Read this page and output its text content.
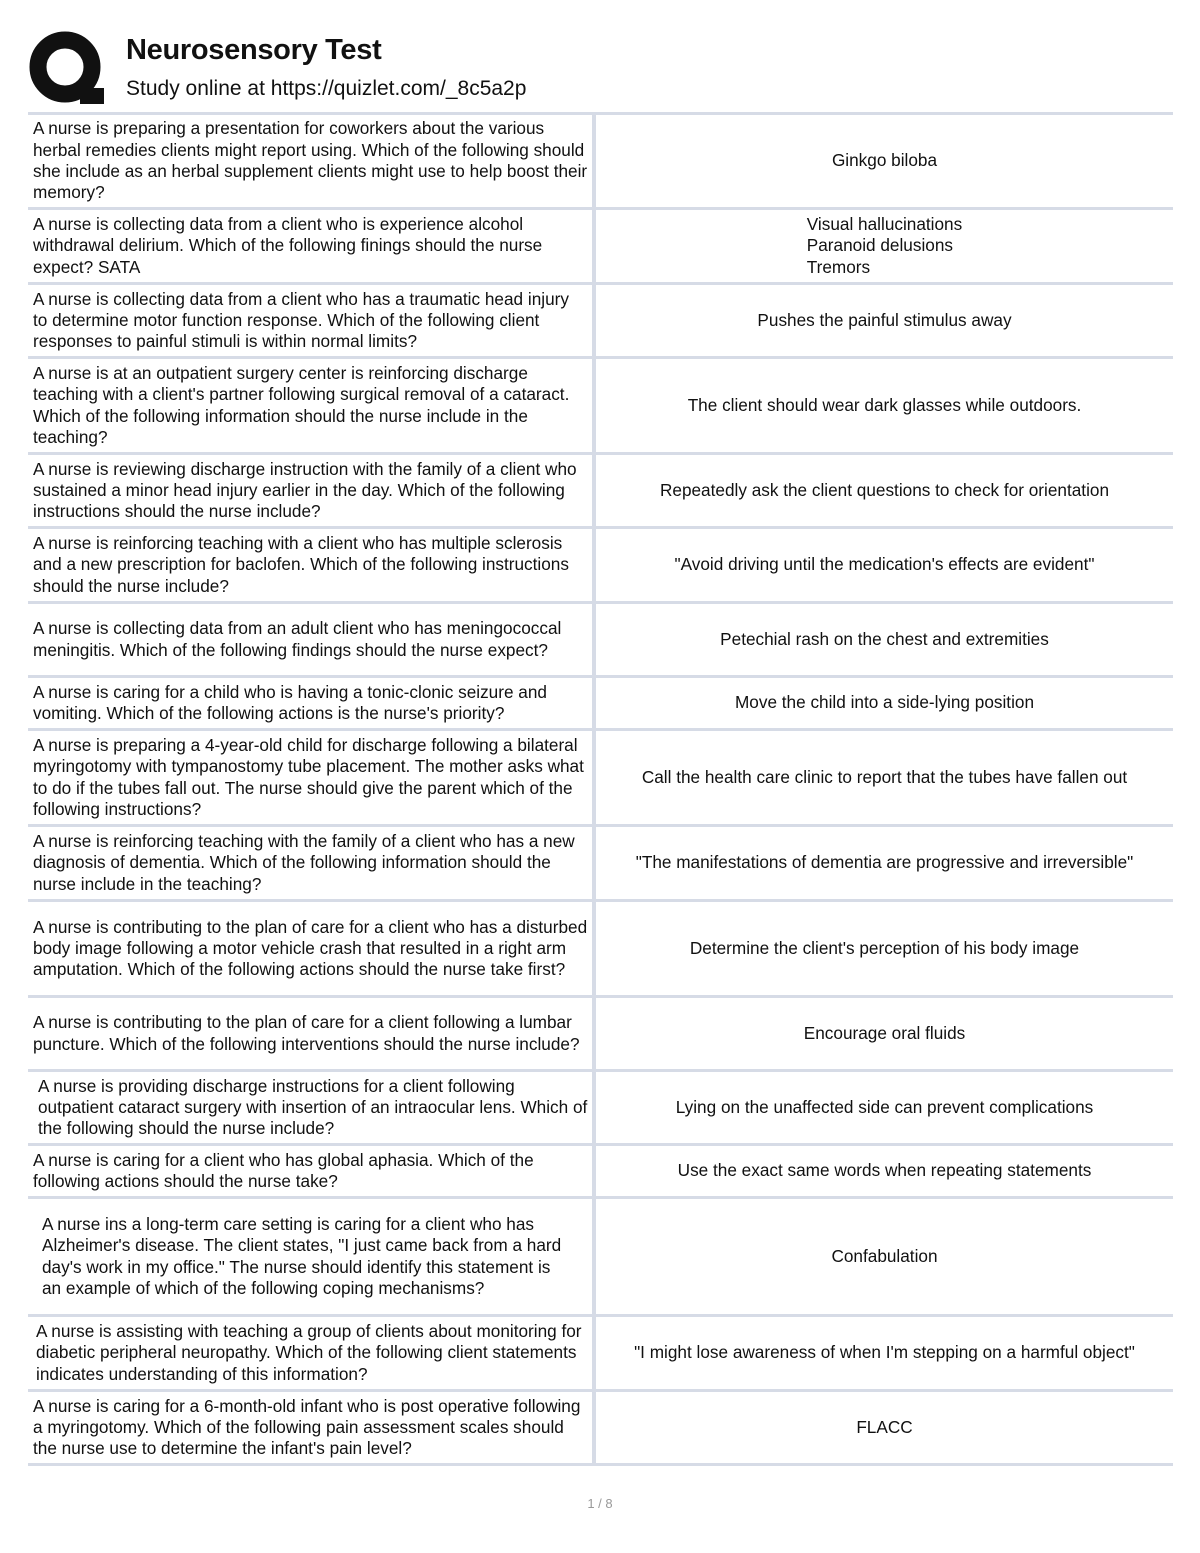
Neurosensory Test
Study online at https://quizlet.com/_8c5a2p
A nurse is preparing a presentation for coworkers about the various herbal remedies clients might report using. Which of the following should she include as an herbal supplement clients might use to help boost their memory?
Ginkgo biloba
A nurse is collecting data from a client who is experience alcohol withdrawal delirium. Which of the following finings should the nurse expect? SATA
Visual hallucinations
Paranoid delusions
Tremors
A nurse is collecting data from a client who has a traumatic head injury to determine motor function response. Which of the following client responses to painful stimuli is within normal limits?
Pushes the painful stimulus away
A nurse is at an outpatient surgery center is reinforcing discharge teaching with a client's partner following surgical removal of a cataract. Which of the following information should the nurse include in the teaching?
The client should wear dark glasses while outdoors.
A nurse is reviewing discharge instruction with the family of a client who sustained a minor head injury earlier in the day. Which of the following instructions should the nurse include?
Repeatedly ask the client questions to check for orientation
A nurse is reinforcing teaching with a client who has multiple sclerosis and a new prescription for baclofen. Which of the following instructions should the nurse include?
"Avoid driving until the medication's effects are evident"
A nurse is collecting data from an adult client who has meningococcal meningitis. Which of the following findings should the nurse expect?
Petechial rash on the chest and extremities
A nurse is caring for a child who is having a tonic-clonic seizure and vomiting. Which of the following actions is the nurse's priority?
Move the child into a side-lying position
A nurse is preparing a 4-year-old child for discharge following a bilateral myringotomy with tympanostomy tube placement. The mother asks what to do if the tubes fall out. The nurse should give the parent which of the following instructions?
Call the health care clinic to report that the tubes have fallen out
A nurse is reinforcing teaching with the family of a client who has a new diagnosis of dementia. Which of the following information should the nurse include in the teaching?
"The manifestations of dementia are progressive and irreversible"
A nurse is contributing to the plan of care for a client who has a disturbed body image following a motor vehicle crash that resulted in a right arm amputation. Which of the following actions should the nurse take first?
Determine the client's perception of his body image
A nurse is contributing to the plan of care for a client following a lumbar puncture. Which of the following interventions should the nurse include?
Encourage oral fluids
A nurse is providing discharge instructions for a client following outpatient cataract surgery with insertion of an intraocular lens. Which of the following should the nurse include?
Lying on the unaffected side can prevent complications
A nurse is caring for a client who has global aphasia. Which of the following actions should the nurse take?
Use the exact same words when repeating statements
A nurse ins a long-term care setting is caring for a client who has Alzheimer's disease. The client states, "I just came back from a hard day's work in my office." The nurse should identify this statement is an example of which of the following coping mechanisms?
Confabulation
A nurse is assisting with teaching a group of clients about monitoring for diabetic peripheral neuropathy. Which of the following client statements indicates understanding of this information?
"I might lose awareness of when I'm stepping on a harmful object"
A nurse is caring for a 6-month-old infant who is post operative following a myringotomy. Which of the following pain assessment scales should the nurse use to determine the infant's pain level?
FLACC
1 / 8
